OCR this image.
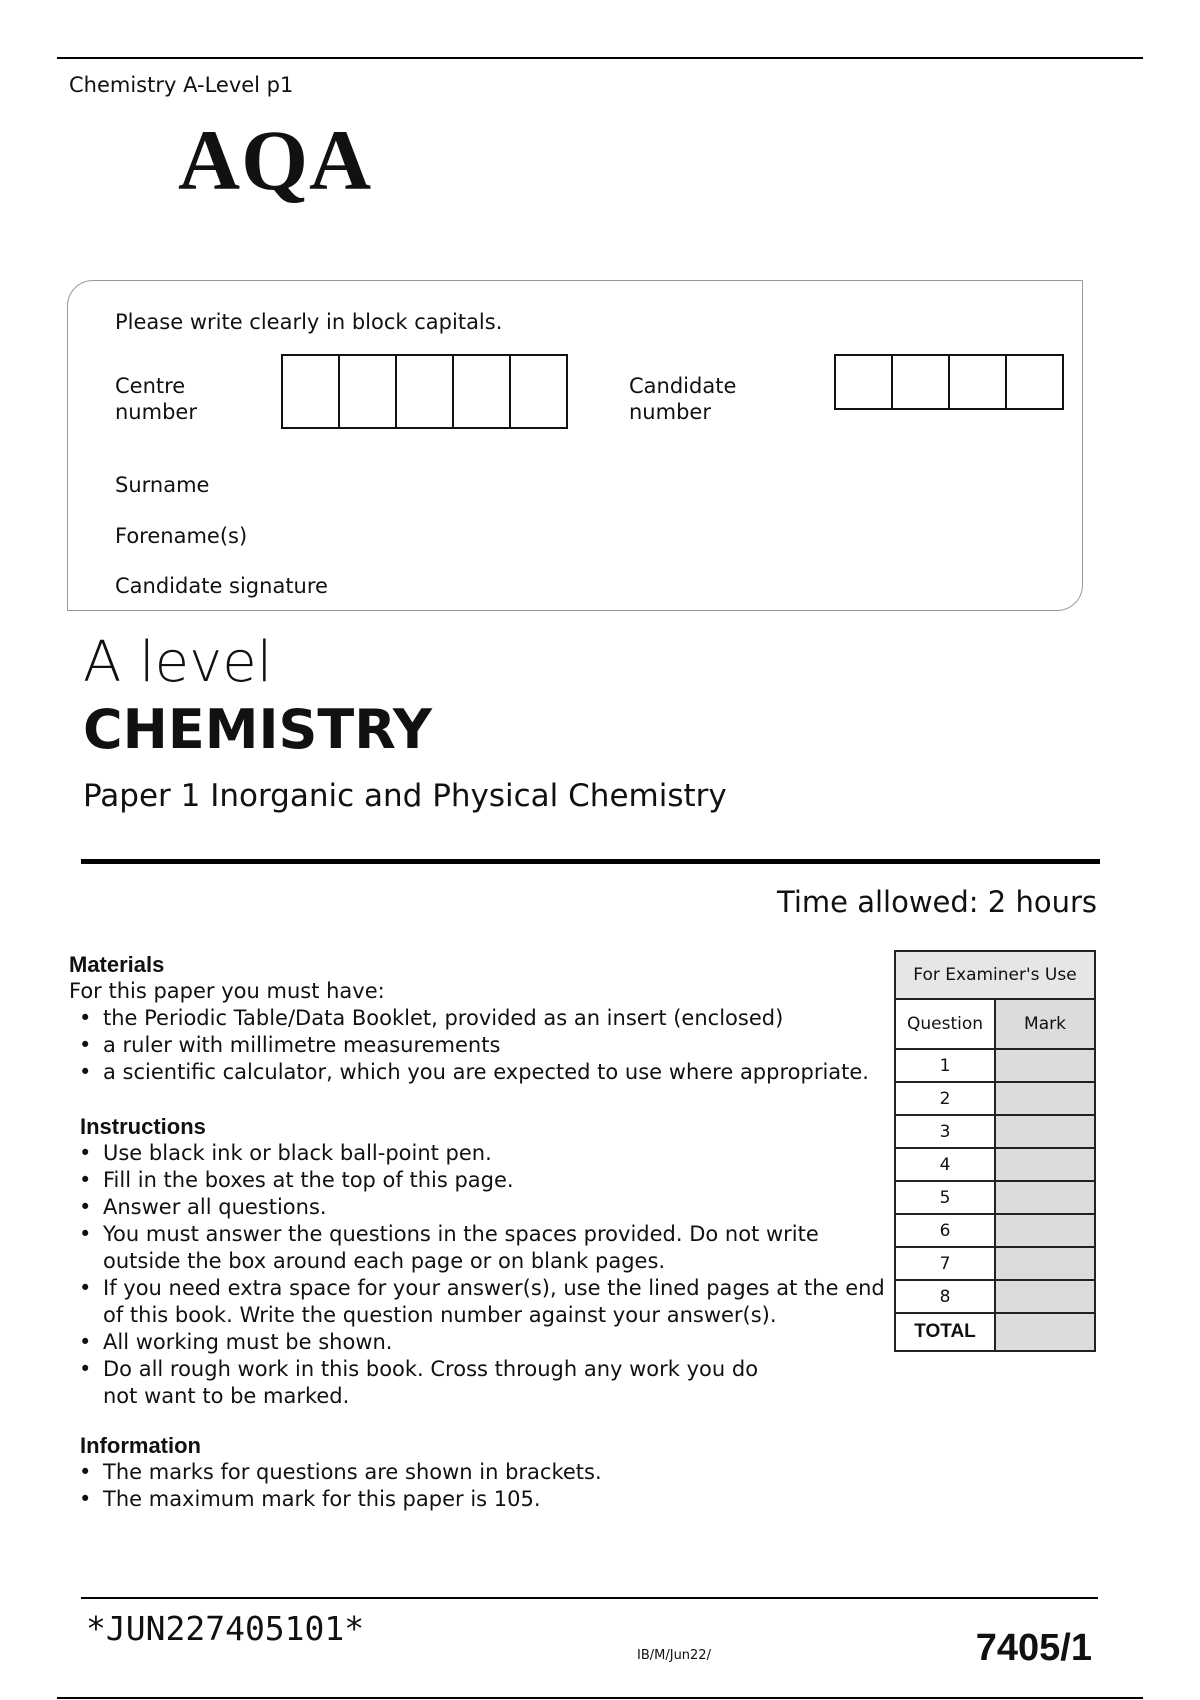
Chemistry A-Level p1
AQA
Please write clearly in block capitals.
Centre number
Candidate number
Surname
Forename(s)
Candidate signature
A level
CHEMISTRY
Paper 1 Inorganic and Physical Chemistry
Time allowed: 2 hours
Materials
For this paper you must have:
• the Periodic Table/Data Booklet, provided as an insert (enclosed)
• a ruler with millimetre measurements
• a scientific calculator, which you are expected to use where appropriate.
Instructions
• Use black ink or black ball-point pen.
• Fill in the boxes at the top of this page.
• Answer all questions.
• You must answer the questions in the spaces provided. Do not write outside the box around each page or on blank pages.
• If you need extra space for your answer(s), use the lined pages at the end of this book. Write the question number against your answer(s).
• All working must be shown.
• Do all rough work in this book. Cross through any work you do not want to be marked.
Information
• The marks for questions are shown in brackets.
• The maximum mark for this paper is 105.
For Examiner's Use	
Question	Mark
1	
2	
3	
4	
5	
6	
7	
8	
TOTAL	
*JUN227405101*
IB/M/Jun22/	7405/1
